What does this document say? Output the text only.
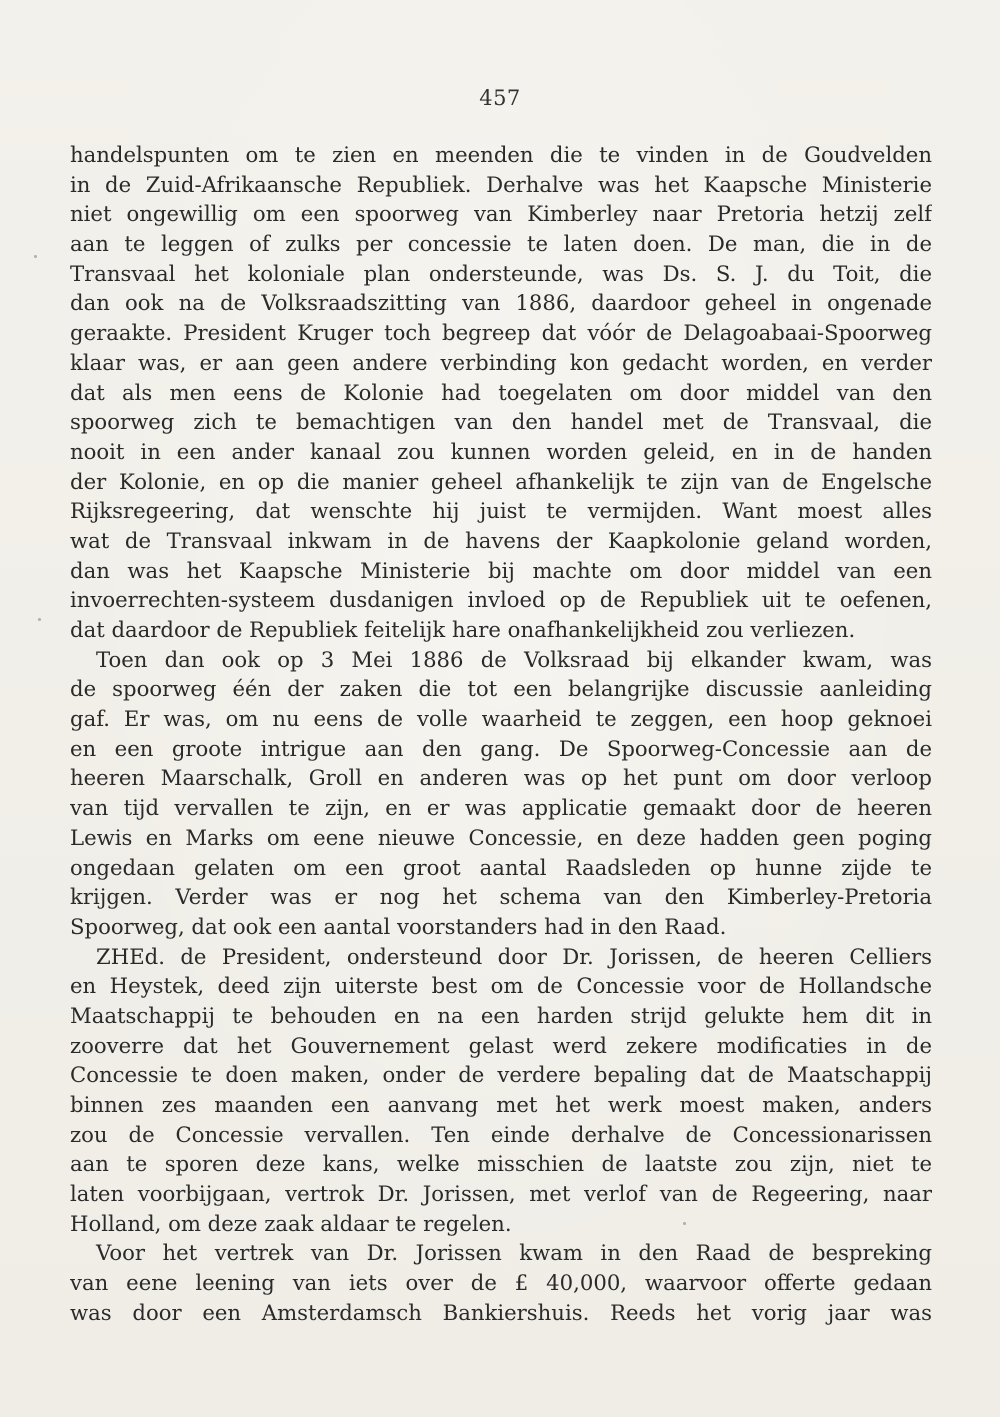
457
handelspunten om te zien en meenden die te vinden in de Goudvelden
in de Zuid-Afrikaansche Republiek. Derhalve was het Kaapsche Ministerie
niet ongewillig om een spoorweg van Kimberley naar Pretoria hetzij zelf
aan te leggen of zulks per concessie te laten doen. De man, die in de
Transvaal het koloniale plan ondersteunde, was Ds. S. J. du Toit, die
dan ook na de Volksraadszitting van 1886, daardoor geheel in ongenade
geraakte. President Kruger toch begreep dat vóór de Delagoabaai-Spoorweg
klaar was, er aan geen andere verbinding kon gedacht worden, en verder
dat als men eens de Kolonie had toegelaten om door middel van den
spoorweg zich te bemachtigen van den handel met de Transvaal, die
nooit in een ander kanaal zou kunnen worden geleid, en in de handen
der Kolonie, en op die manier geheel afhankelijk te zijn van de Engelsche
Rijksregeering, dat wenschte hij juist te vermijden. Want moest alles
wat de Transvaal inkwam in de havens der Kaapkolonie geland worden,
dan was het Kaapsche Ministerie bij machte om door middel van een
invoerrechten-systeem dusdanigen invloed op de Republiek uit te oefenen,
dat daardoor de Republiek feitelijk hare onafhankelijkheid zou verliezen.
Toen dan ook op 3 Mei 1886 de Volksraad bij elkander kwam, was
de spoorweg één der zaken die tot een belangrijke discussie aanleiding
gaf. Er was, om nu eens de volle waarheid te zeggen, een hoop geknoei
en een groote intrigue aan den gang. De Spoorweg-Concessie aan de
heeren Maarschalk, Groll en anderen was op het punt om door verloop
van tijd vervallen te zijn, en er was applicatie gemaakt door de heeren
Lewis en Marks om eene nieuwe Concessie, en deze hadden geen poging
ongedaan gelaten om een groot aantal Raadsleden op hunne zijde te
krijgen. Verder was er nog het schema van den Kimberley-Pretoria
Spoorweg, dat ook een aantal voorstanders had in den Raad.
ZHEd. de President, ondersteund door Dr. Jorissen, de heeren Celliers
en Heystek, deed zijn uiterste best om de Concessie voor de Hollandsche
Maatschappij te behouden en na een harden strijd gelukte hem dit in
zooverre dat het Gouvernement gelast werd zekere modificaties in de
Concessie te doen maken, onder de verdere bepaling dat de Maatschappij
binnen zes maanden een aanvang met het werk moest maken, anders
zou de Concessie vervallen. Ten einde derhalve de Concessionarissen
aan te sporen deze kans, welke misschien de laatste zou zijn, niet te
laten voorbijgaan, vertrok Dr. Jorissen, met verlof van de Regeering, naar
Holland, om deze zaak aldaar te regelen.
Voor het vertrek van Dr. Jorissen kwam in den Raad de bespreking
van eene leening van iets over de £ 40,000, waarvoor offerte gedaan
was door een Amsterdamsch Bankiershuis. Reeds het vorig jaar was
